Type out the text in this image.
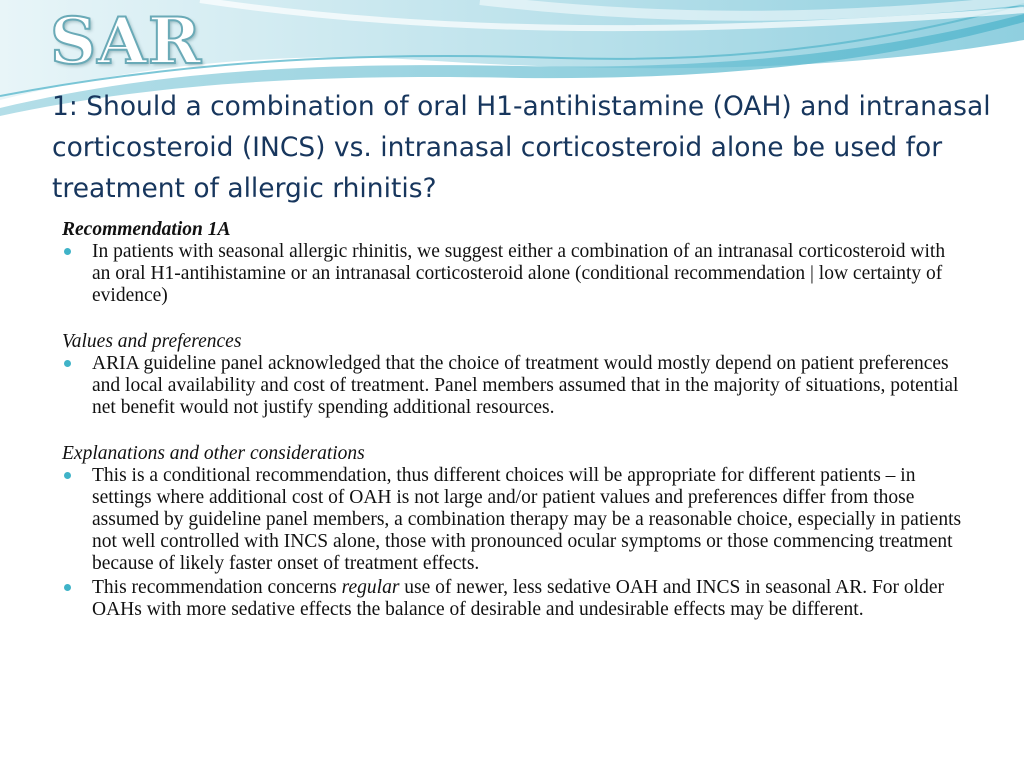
SAR
1: Should a combination of oral H1-antihistamine (OAH) and intranasal corticosteroid (INCS) vs. intranasal corticosteroid alone be used for treatment of allergic rhinitis?

Recommendation 1A

In patients with seasonal allergic rhinitis, we suggest either a combination of an intranasal corticosteroid with an oral H1-antihistamine or an intranasal corticosteroid alone (conditional recommendation | low certainty of evidence)

Values and preferences

ARIA guideline panel acknowledged that the choice of treatment would mostly depend on patient preferences and local availability and cost of treatment. Panel members assumed that in the majority of situations, potential net benefit would not justify spending additional resources.

Explanations and other considerations

This is a conditional recommendation, thus different choices will be appropriate for different patients – in settings where additional cost of OAH is not large and/or patient values and preferences differ from those assumed by guideline panel members, a combination therapy may be a reasonable choice, especially in patients not well controlled with INCS alone, those with pronounced ocular symptoms or those commencing treatment because of likely faster onset of treatment effects.
This recommendation concerns regular use of newer, less sedative OAH and INCS in seasonal AR. For older OAHs with more sedative effects the balance of desirable and undesirable effects may be different.
